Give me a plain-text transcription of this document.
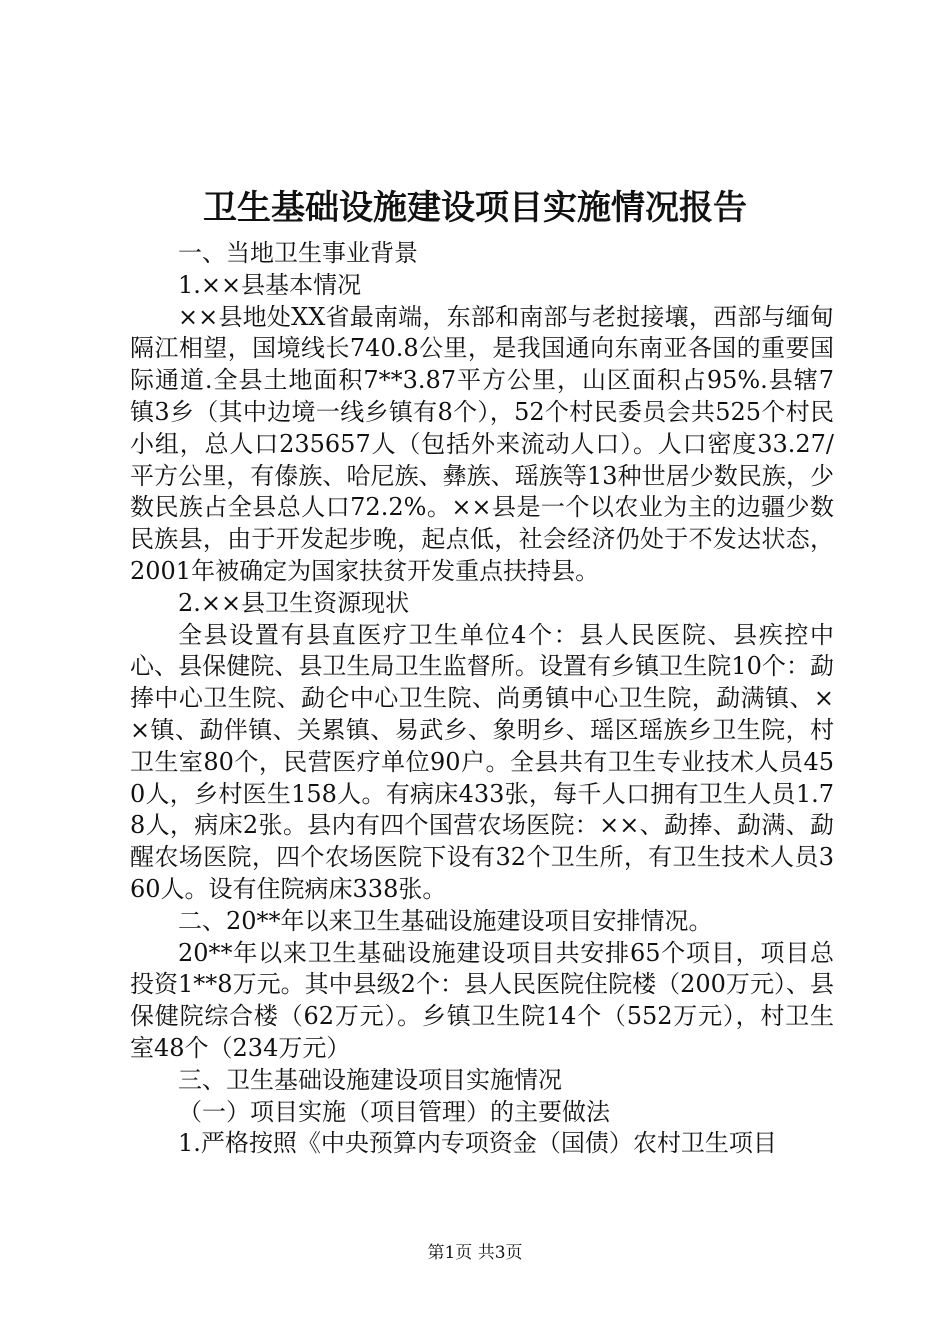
卫生基础设施建设项目实施情况报告

一、当地卫生事业背景

1.××县基本情况

××县地处XX省最南端，东部和南部与老挝接壤，西部与缅甸隔江相望，国境线长740.8公里，是我国通向东南亚各国的重要国际通道.全县土地面积7**3.87平方公里，山区面积占95%.县辖7镇3乡（其中边境一线乡镇有8个），52个村民委员会共525个村民小组，总人口235657人（包括外来流动人口）。人口密度33.27/平方公里，有傣族、哈尼族、彝族、瑶族等13种世居少数民族，少数民族占全县总人口72.2%。××县是一个以农业为主的边疆少数民族县，由于开发起步晚，起点低，社会经济仍处于不发达状态，2001年被确定为国家扶贫开发重点扶持县。

2.××县卫生资源现状

全县设置有县直医疗卫生单位4个：县人民医院、县疾控中心、县保健院、县卫生局卫生监督所。设置有乡镇卫生院10个：勐捧中心卫生院、勐仑中心卫生院、尚勇镇中心卫生院，勐满镇、××镇、勐伴镇、关累镇、易武乡、象明乡、瑶区瑶族乡卫生院，村卫生室80个，民营医疗单位90户。全县共有卫生专业技术人员450人，乡村医生158人。有病床433张，每千人口拥有卫生人员1.78人，病床2张。县内有四个国营农场医院：××、勐捧、勐满、勐醒农场医院，四个农场医院下设有32个卫生所，有卫生技术人员360人。设有住院病床338张。

二、20**年以来卫生基础设施建设项目安排情况。

20**年以来卫生基础设施建设项目共安排65个项目，项目总投资1**8万元。其中县级2个：县人民医院住院楼（200万元）、县保健院综合楼（62万元）。乡镇卫生院14个（552万元），村卫生室48个（234万元）

三、卫生基础设施建设项目实施情况

（一）项目实施（项目管理）的主要做法

1.严格按照《中央预算内专项资金（国债）农村卫生项目

第1页 共3页
